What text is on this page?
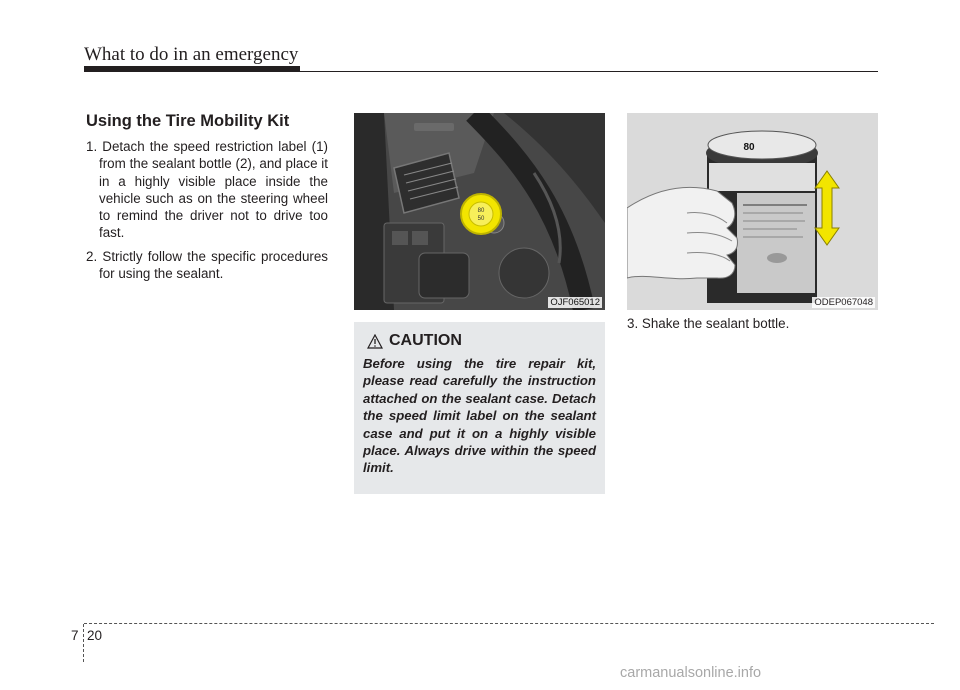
What to do in an emergency
Using the Tire Mobility Kit

1. Detach the speed restriction label (1) from the sealant bottle (2), and place it in a highly visible place inside the vehicle such as on the steering wheel to remind the driver not to drive too fast.

2. Strictly follow the specific procedures for using the sealant.

80
50
OJF065012
80
ODEP067048
CAUTION

Before using the tire repair kit, please read carefully the instruction attached on the sealant case. Detach the speed limit label on the sealant case and put it on a highly visible place. Always drive within the speed limit.

3. Shake the sealant bottle.
7 20
carmanualsonline.info
